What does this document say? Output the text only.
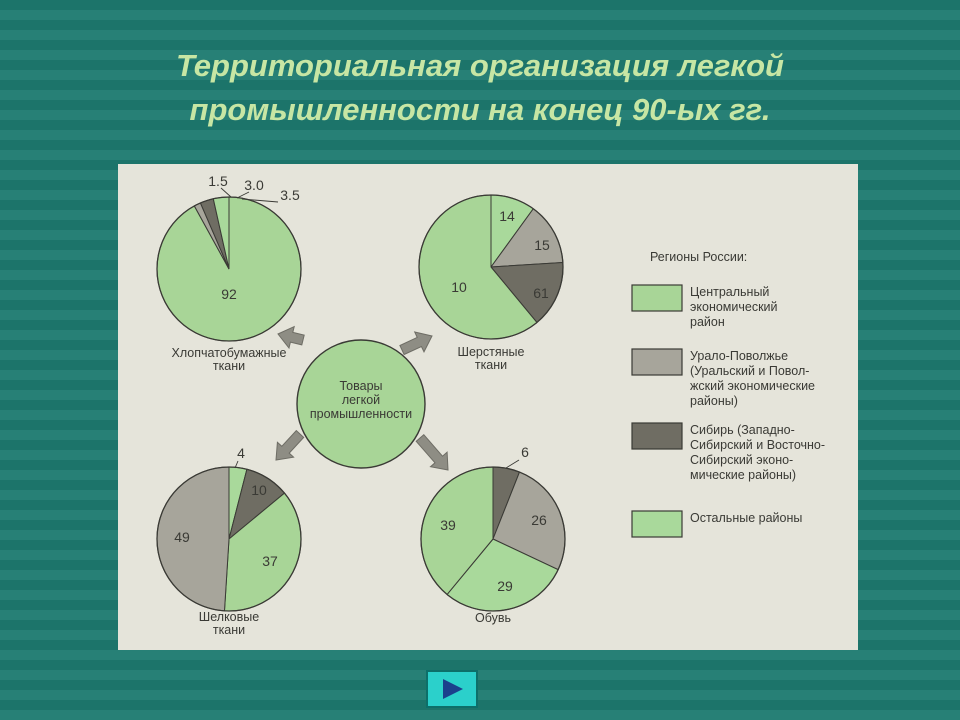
Территориальная организация легкой
промышленности на конец 90-ых гг.
Товары
легкой
промышленности
92
1.5 3.0
3.5
Хлопчатобумажные
ткани
10
14
15
61
Шерстяные
ткани
4
10
37
49
Шелковые
ткани
6
26
29
39
Обувь
Регионы России:
Центральный
экономический
район
Урало-Поволжье
(Уральский и Повол-
жский экономические
районы)
Сибирь (Западно-
Сибирский и Восточно-
Сибирский эконо-
мические районы)
Остальные районы
